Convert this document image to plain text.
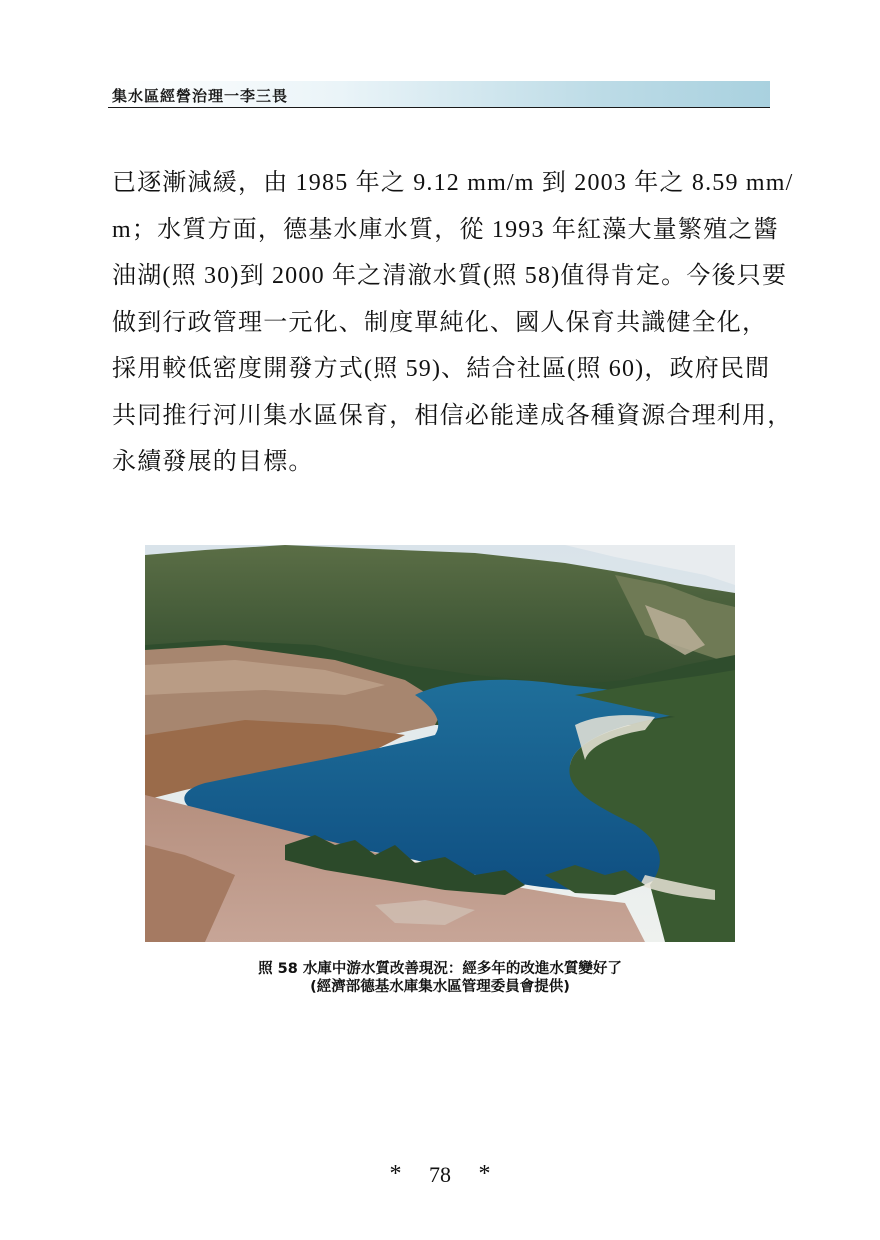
集水區經營治理一李三畏
已逐漸減緩，由 1985 年之 9.12 mm/m 到 2003 年之 8.59 mm/
m；水質方面，德基水庫水質，從 1993 年紅藻大量繁殖之醬
油湖(照 30)到 2000 年之清澈水質(照 58)值得肯定。今後只要
做到行政管理一元化、制度單純化、國人保育共識健全化，
採用較低密度開發方式(照 59)、結合社區(照 60)，政府民間
共同推行河川集水區保育，相信必能達成各種資源合理利用，
永續發展的目標。
照 58 水庫中游水質改善現況：經多年的改進水質變好了
(經濟部德基水庫集水區管理委員會提供)
* 78 *
